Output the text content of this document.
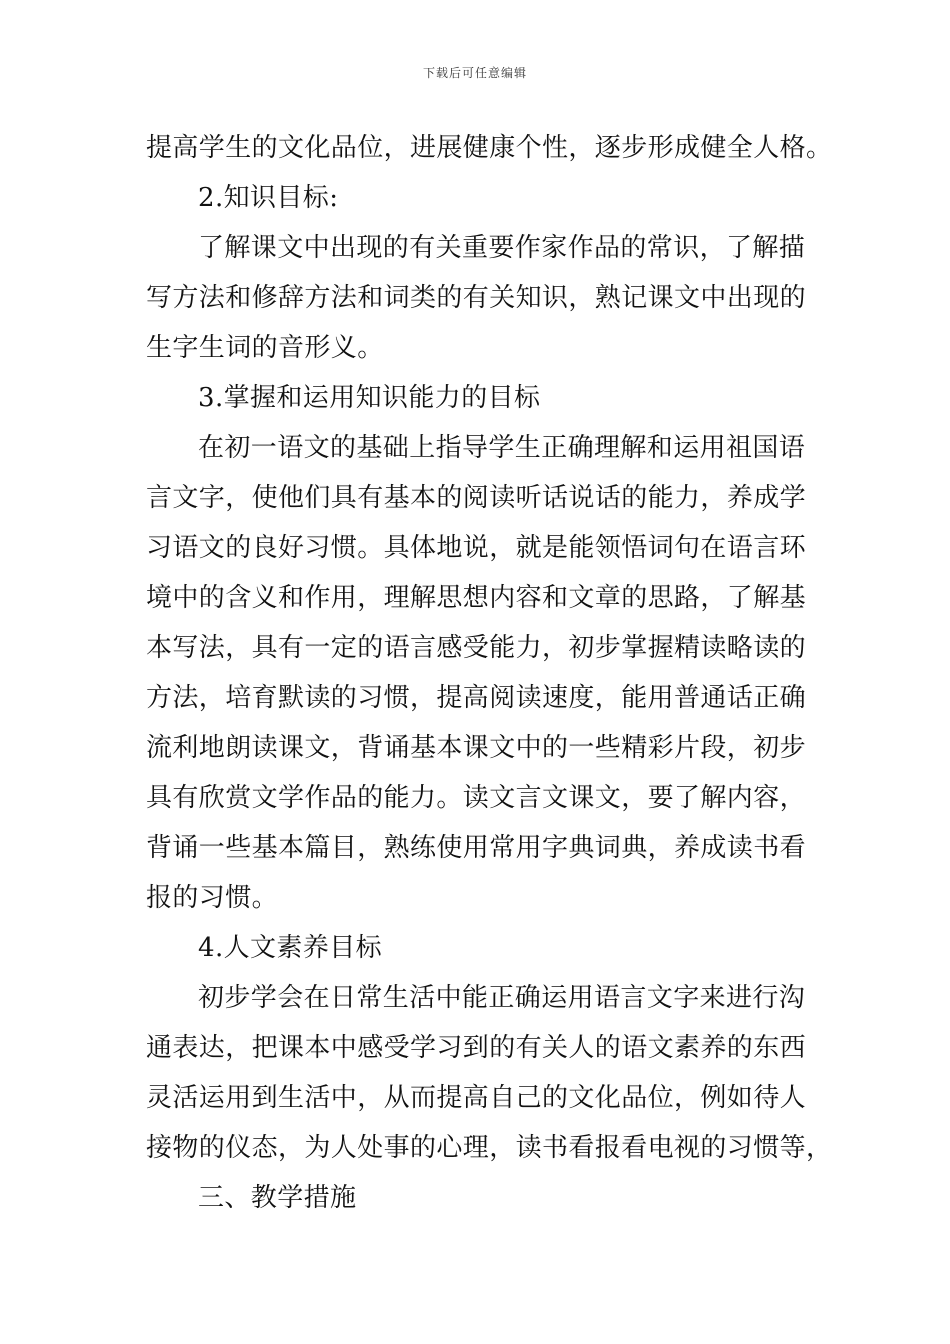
下载后可任意编辑
提高学生的文化品位，进展健康个性，逐步形成健全人格。
2.知识目标:
了解课文中出现的有关重要作家作品的常识，了解描
写方法和修辞方法和词类的有关知识，熟记课文中出现的
生字生词的音形义。
3.掌握和运用知识能力的目标
在初一语文的基础上指导学生正确理解和运用祖国语
言文字，使他们具有基本的阅读听话说话的能力，养成学
习语文的良好习惯。具体地说，就是能领悟词句在语言环
境中的含义和作用，理解思想内容和文章的思路，了解基
本写法，具有一定的语言感受能力，初步掌握精读略读的
方法，培育默读的习惯，提高阅读速度，能用普通话正确
流利地朗读课文，背诵基本课文中的一些精彩片段，初步
具有欣赏文学作品的能力。读文言文课文，要了解内容，
背诵一些基本篇目，熟练使用常用字典词典，养成读书看
报的习惯。
4.人文素养目标
初步学会在日常生活中能正确运用语言文字来进行沟
通表达，把课本中感受学习到的有关人的语文素养的东西
灵活运用到生活中，从而提高自己的文化品位，例如待人
接物的仪态，为人处事的心理，读书看报看电视的习惯等，
三、教学措施
